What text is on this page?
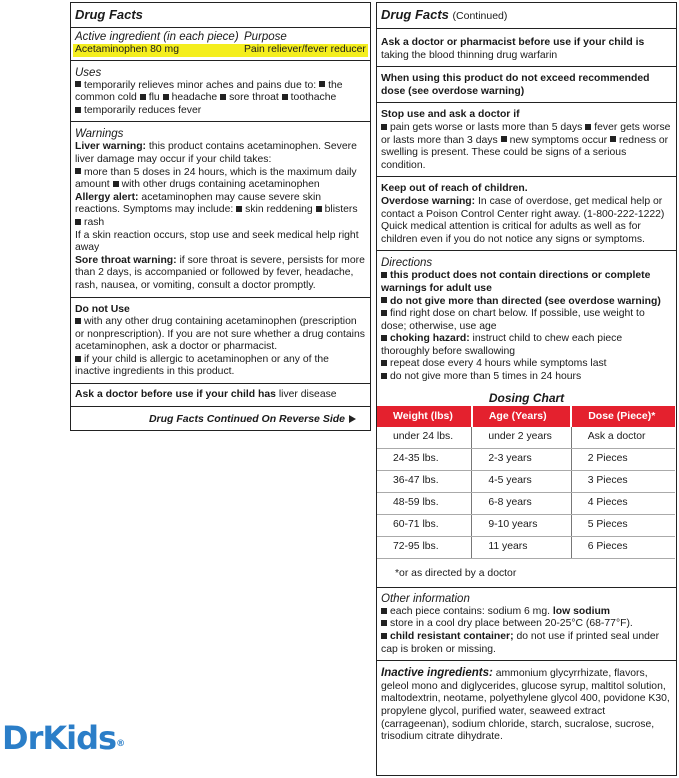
Drug Facts
Active ingredient (in each piece) Purpose
Acetaminophen 80 mg	Pain reliever/fever reducer
Uses

temporarily relieves minor aches and pains due to: the common cold flu headache sore throat toothache

temporarily reduces fever

Warnings

Liver warning: this product contains acetaminophen. Severe liver damage may occur if your child takes:

more than 5 doses in 24 hours, which is the maximum daily amount with other drugs containing acetaminophen

Allergy alert: acetaminophen may cause severe skin reactions. Symptoms may include: skin reddening blisters rash

If a skin reaction occurs, stop use and seek medical help right away

Sore throat warning: if sore throat is severe, persists for more than 2 days, is accompanied or followed by fever, headache, rash, nausea, or vomiting, consult a doctor promptly.

Do not Use

with any other drug containing acetaminophen (prescription or nonprescription). If you are not sure whether a drug contains acetaminophen, ask a doctor or pharmacist.

if your child is allergic to acetaminophen or any of the inactive ingredients in this product.

Ask a doctor before use if your child has liver disease

Drug Facts Continued On Reverse Side
Drug Facts (Continued)

Ask a doctor or pharmacist before use if your child is taking the blood thinning drug warfarin

When using this product do not exceed recommended dose (see overdose warning)

Stop use and ask a doctor if

pain gets worse or lasts more than 5 days fever gets worse or lasts more than 3 days new symptoms occur redness or swelling is present. These could be signs of a serious condition.

Keep out of reach of children.

Overdose warning: In case of overdose, get medical help or contact a Poison Control Center right away. (1-800-222-1222) Quick medical attention is critical for adults as well as for children even if you do not notice any signs or symptoms.

Directions

this product does not contain directions or complete warnings for adult use

do not give more than directed (see overdose warning)

find right dose on chart below. If possible, use weight to dose; otherwise, use age

choking hazard: instruct child to chew each piece thoroughly before swallowing

repeat dose every 4 hours while symptoms last

do not give more than 5 times in 24 hours

Dosing Chart
Weight (lbs)	Age (Years)	Dose (Piece)*
under 24 lbs.	under 2 years	Ask a doctor
24-35 lbs.	2-3 years	2 Pieces
36-47 lbs.	4-5 years	3 Pieces
48-59 lbs.	6-8 years	4 Pieces
60-71 lbs.	9-10 years	5 Pieces
72-95 lbs.	11 years	6 Pieces

*or as directed by a doctor

Other information

each piece contains: sodium 6 mg. low sodium

store in a cool dry place between 20-25°C (68-77°F).

child resistant container; do not use if printed seal under cap is broken or missing.

Inactive ingredients: ammonium glycyrrhizate, flavors, geleol mono and diglycerides, glucose syrup, maltitol solution, maltodextrin, neotame, polyethylene glycol 400, povidone K30, propylene glycol, purified water, seaweed extract (carrageenan), sodium chloride, starch, sucralose, sucrose, trisodium citrate dihydrate.

DrKids®
